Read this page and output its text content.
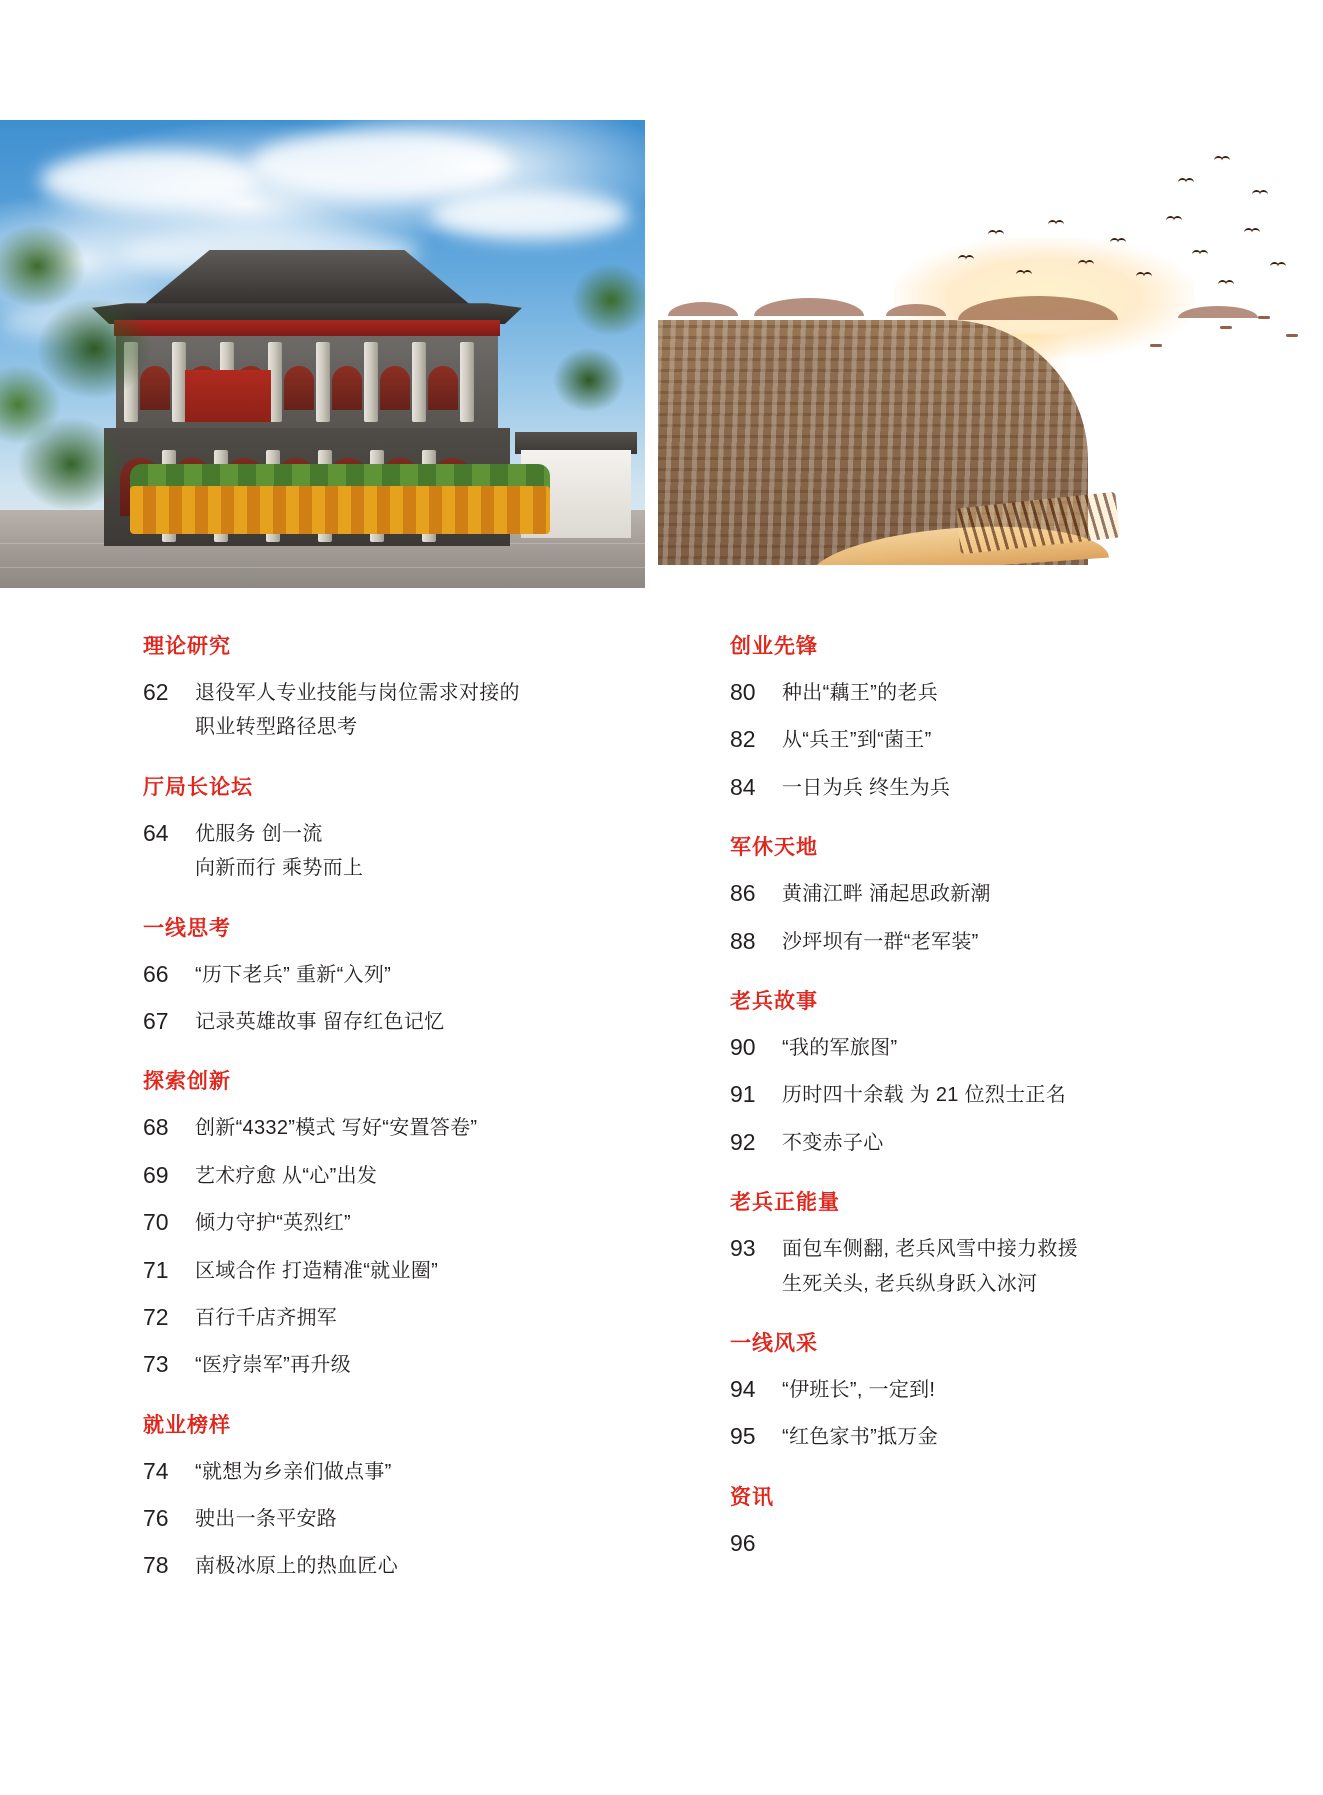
理论研究
62	退役军人专业技能与岗位需求对接的
职业转型路径思考
厅局长论坛
64	优服务 创一流
向新而行 乘势而上
一线思考
66	“历下老兵” 重新“入列”
67	记录英雄故事 留存红色记忆
探索创新
68	创新“4332”模式 写好“安置答卷”
69	艺术疗愈 从“心”出发
70	倾力守护“英烈红”
71	区域合作 打造精准“就业圈”
72	百行千店齐拥军
73	“医疗崇军”再升级
就业榜样
74	“就想为乡亲们做点事”
76	驶出一条平安路
78	南极冰原上的热血匠心
创业先锋
80	种出“藕王”的老兵
82	从“兵王”到“菌王”
84	一日为兵 终生为兵
军休天地
86	黄浦江畔 涌起思政新潮
88	沙坪坝有一群“老军装”
老兵故事
90	“我的军旅图”
91	历时四十余载 为 21 位烈士正名
92	不变赤子心
老兵正能量
93	面包车侧翻, 老兵风雪中接力救援
生死关头, 老兵纵身跃入冰河
一线风采
94	“伊班长”, 一定到!
95	“红色家书”抵万金
资讯
96
